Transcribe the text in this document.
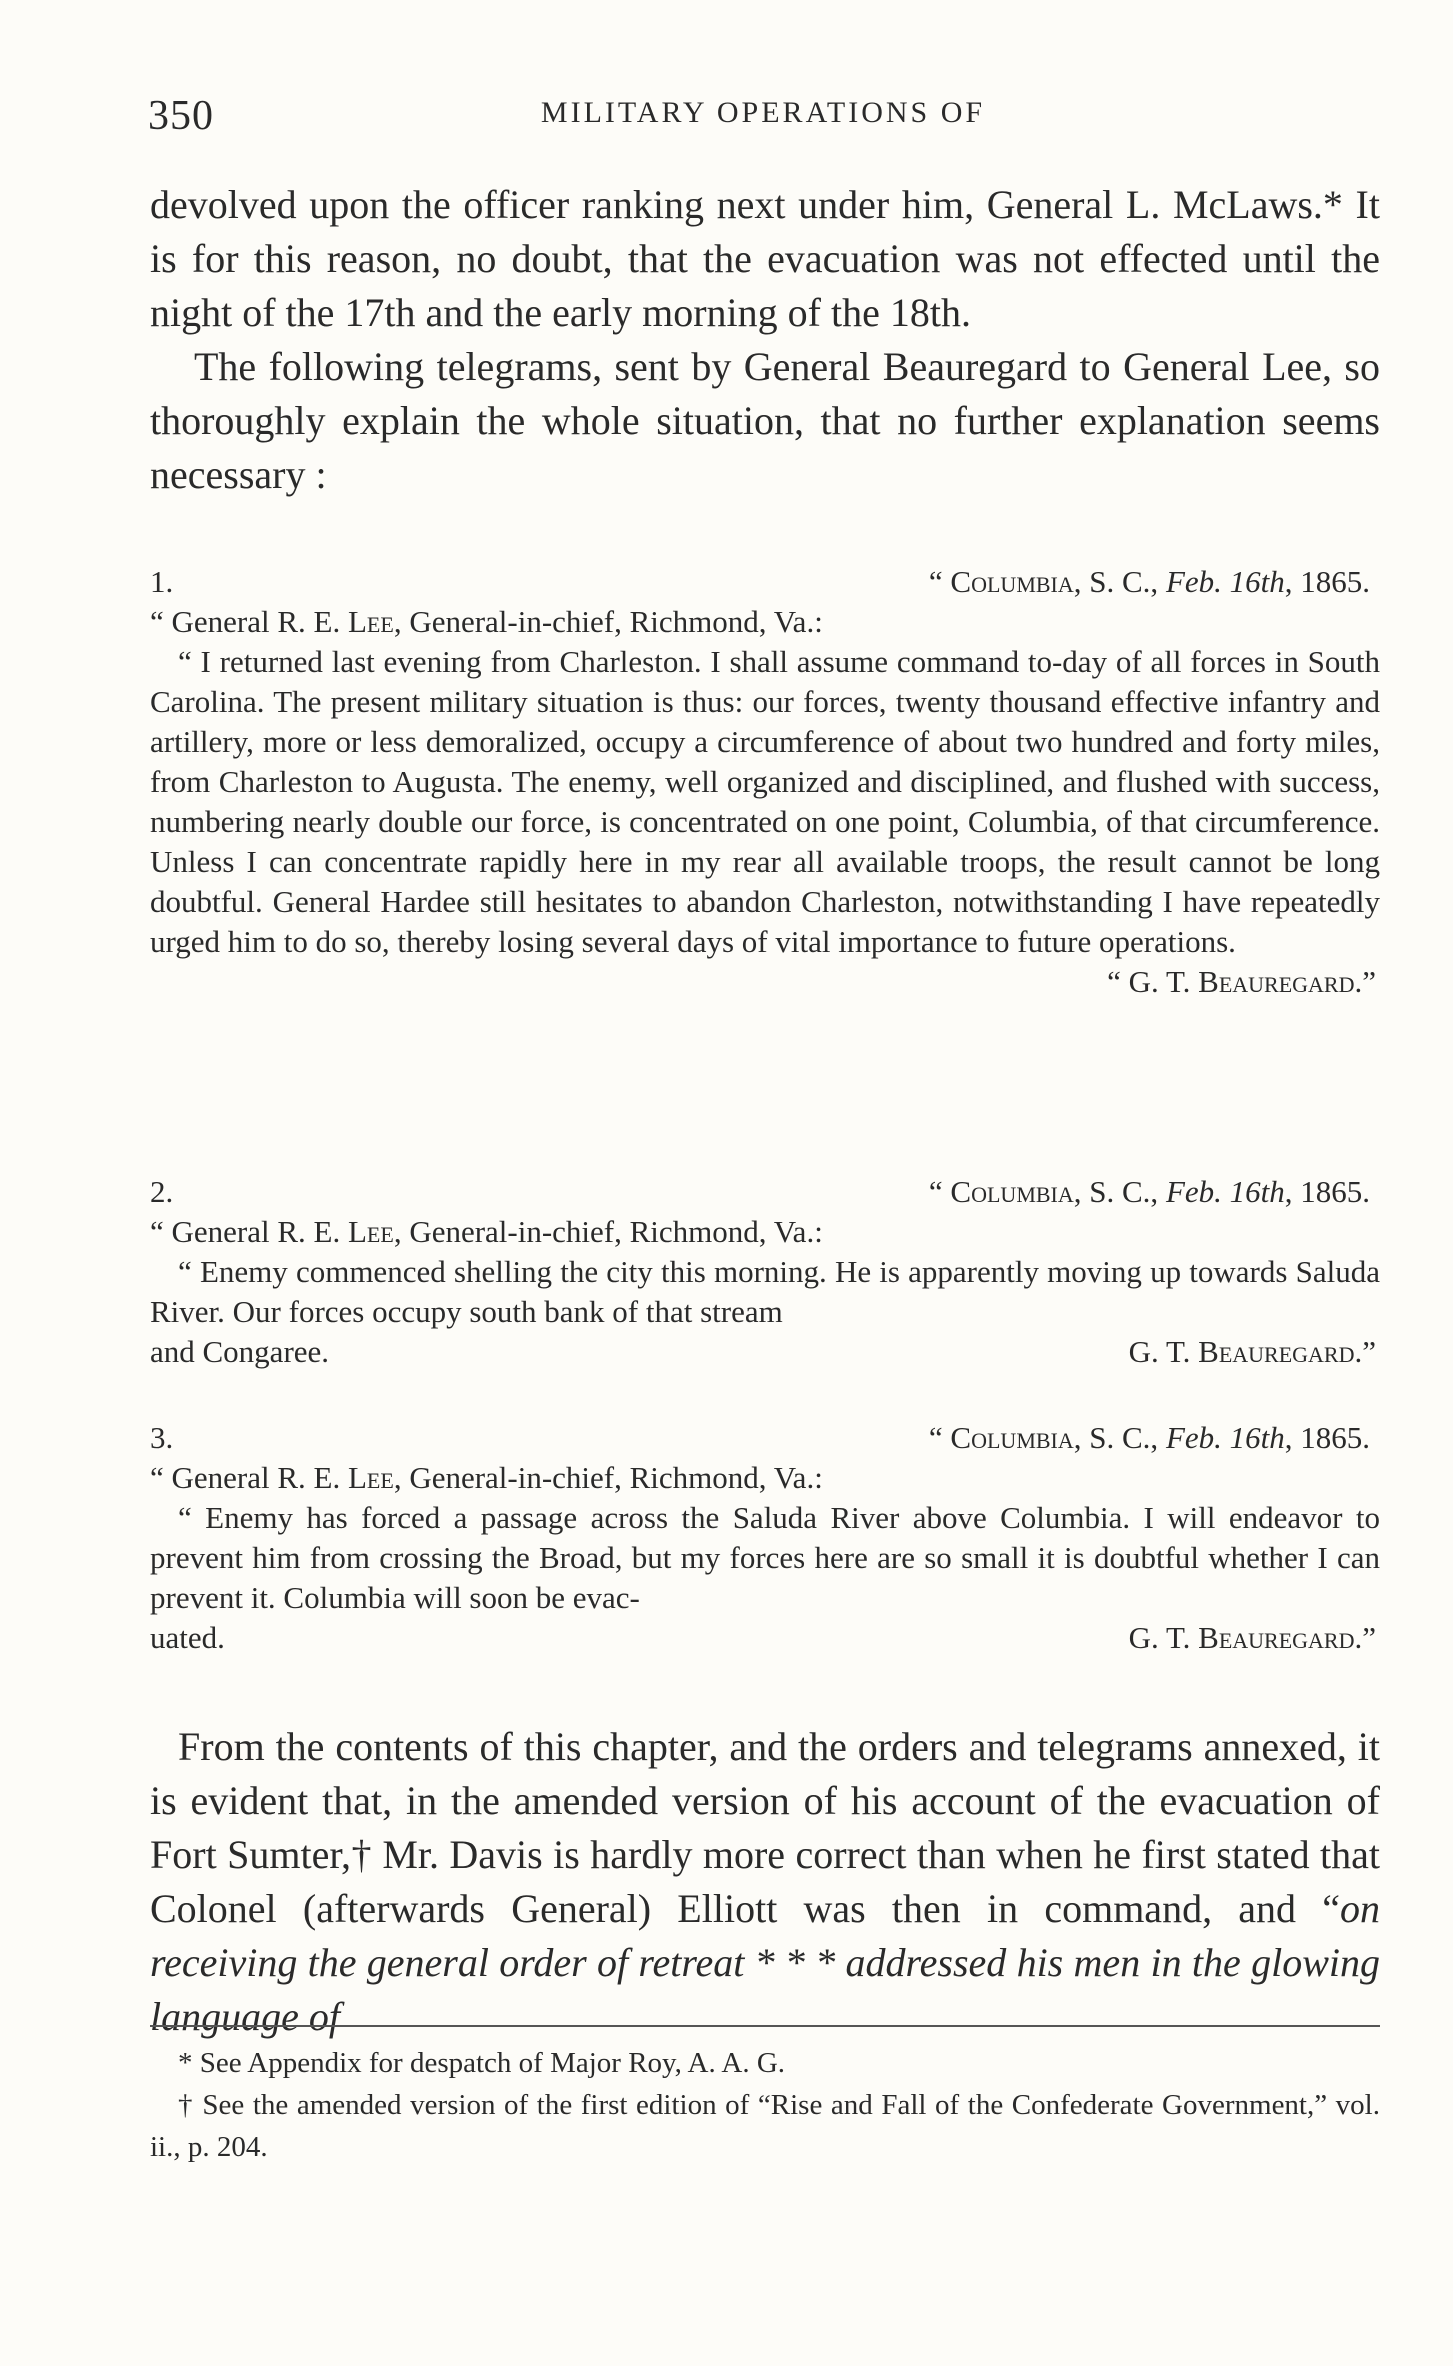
350	MILITARY OPERATIONS OF

devolved upon the officer ranking next under him, General L. McLaws.* It is for this reason, no doubt, that the evacuation was not effected until the night of the 17th and the early morning of the 18th.

The following telegrams, sent by General Beauregard to General Lee, so thoroughly explain the whole situation, that no further explanation seems necessary :

1.	“ Columbia, S. C., Feb. 16th, 1865.

“ General R. E. Lee, General-in-chief, Richmond, Va.:

“ I returned last evening from Charleston. I shall assume command to-day of all forces in South Carolina. The present military situation is thus: our forces, twenty thousand effective infantry and artillery, more or less demoralized, occupy a circumference of about two hundred and forty miles, from Charleston to Augusta. The enemy, well organized and disciplined, and flushed with success, numbering nearly double our force, is concentrated on one point, Columbia, of that circumference. Unless I can concentrate rapidly here in my rear all available troops, the result cannot be long doubtful. General Hardee still hesitates to abandon Charleston, notwithstanding I have repeatedly urged him to do so, thereby losing several days of vital importance to future operations.

“ G. T. Beauregard.”
2.	“ Columbia, S. C., Feb. 16th, 1865.

“ General R. E. Lee, General-in-chief, Richmond, Va.:

“ Enemy commenced shelling the city this morning. He is apparently moving up towards Saluda River. Our forces occupy south bank of that stream

and Congaree.	G. T. Beauregard.”
3.	“ Columbia, S. C., Feb. 16th, 1865.

“ General R. E. Lee, General-in-chief, Richmond, Va.:

“ Enemy has forced a passage across the Saluda River above Columbia. I will endeavor to prevent him from crossing the Broad, but my forces here are so small it is doubtful whether I can prevent it. Columbia will soon be evac-

uated.	G. T. Beauregard.”

From the contents of this chapter, and the orders and telegrams annexed, it is evident that, in the amended version of his account of the evacuation of Fort Sumter,† Mr. Davis is hardly more correct than when he first stated that Colonel (afterwards General) Elliott was then in command, and “on receiving the general order of retreat * * * addressed his men in the glowing language of

* See Appendix for despatch of Major Roy, A. A. G.

† See the amended version of the first edition of “Rise and Fall of the Confederate Government,” vol. ii., p. 204.
